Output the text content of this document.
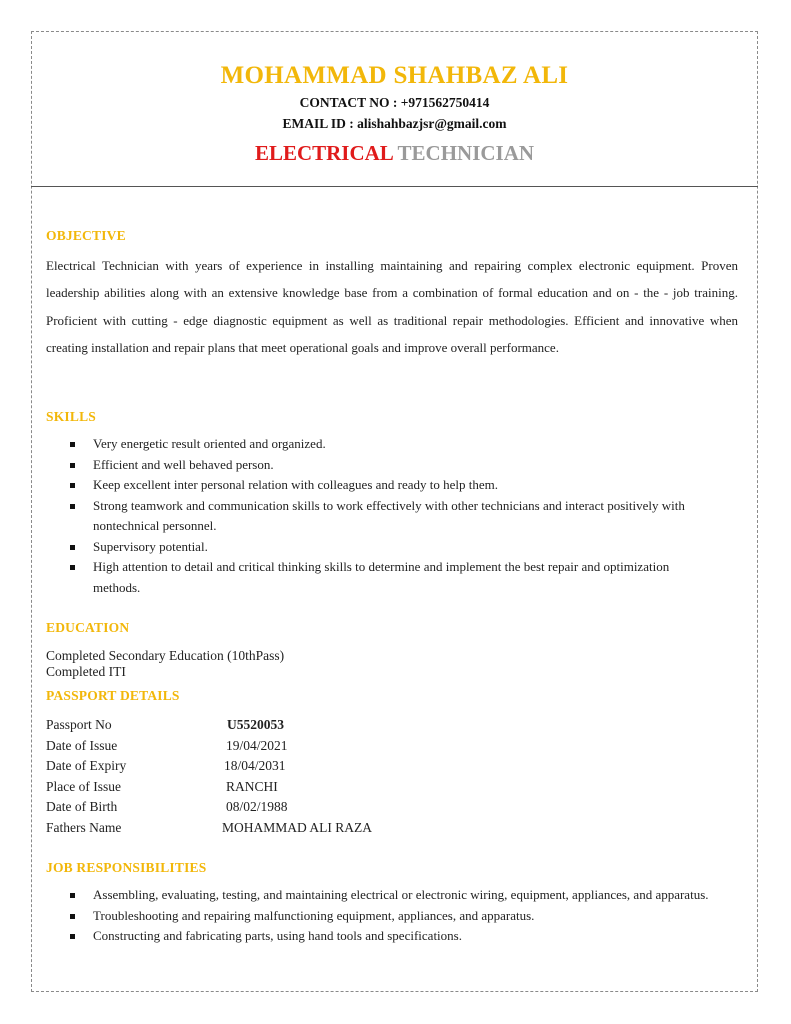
MOHAMMAD SHAHBAZ ALI
CONTACT NO : +971562750414
EMAIL ID : alishahbazjsr@gmail.com
ELECTRICAL TECHNICIAN
OBJECTIVE
Electrical Technician with years of experience in installing maintaining and repairing complex electronic equipment. Proven leadership abilities along with an extensive knowledge base from a combination of formal education and on - the - job training. Proficient with cutting - edge diagnostic equipment as well as traditional repair methodologies. Efficient and innovative when creating installation and repair plans that meet operational goals and improve overall performance.
SKILLS
Very energetic result oriented and organized.
Efficient and well behaved person.
Keep excellent inter personal relation with colleagues and ready to help them.
Strong teamwork and communication skills to work effectively with other technicians and interact positively with nontechnical personnel.
Supervisory potential.
High attention to detail and critical thinking skills to determine and implement the best repair and optimization methods.
EDUCATION
Completed Secondary Education (10thPass)
Completed ITI
PASSPORT DETAILS
Passport No	U5520053
Date of Issue	19/04/2021
Date of Expiry	18/04/2031
Place of Issue	RANCHI
Date of Birth	08/02/1988
Fathers Name	MOHAMMAD ALI RAZA
JOB RESPONSIBILITIES
Assembling, evaluating, testing, and maintaining electrical or electronic wiring, equipment, appliances, and apparatus.
Troubleshooting and repairing malfunctioning equipment, appliances, and apparatus.
Constructing and fabricating parts, using hand tools and specifications.
